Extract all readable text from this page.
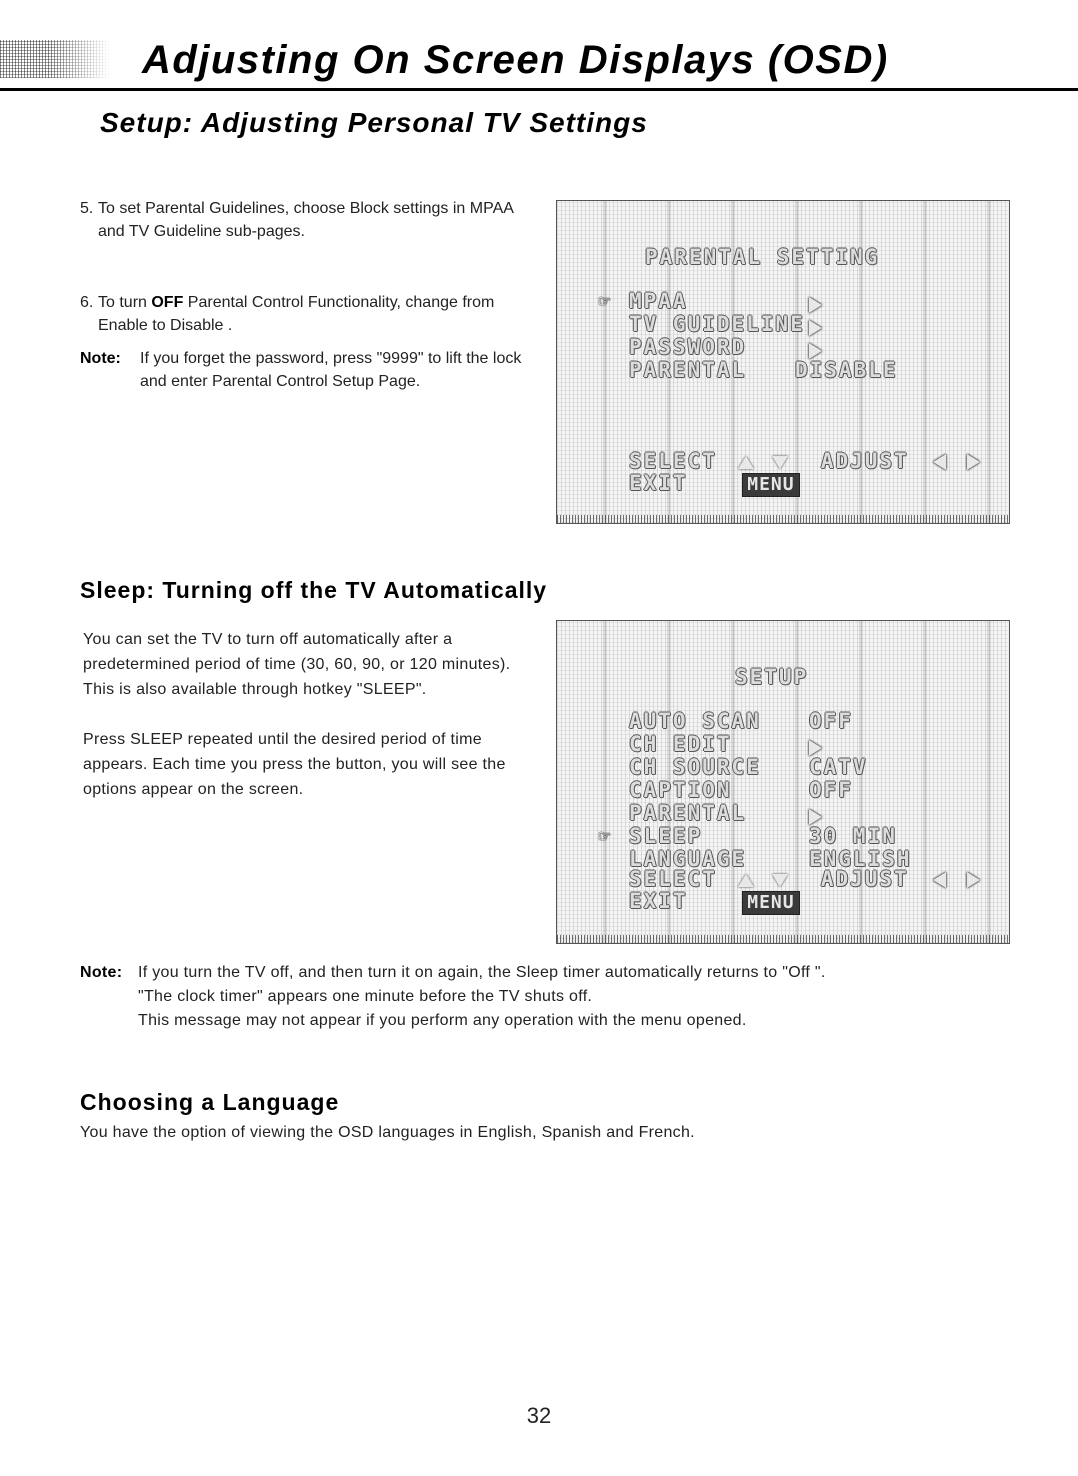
Adjusting On Screen Displays (OSD)
Setup: Adjusting Personal TV Settings
5. To set Parental Guidelines, choose Block settings in MPAA and TV Guideline sub-pages.
6. To turn OFF Parental Control Functionality, change from Enable to Disable .
Note:	If you forget the password, press "9999" to lift the lock and enter Parental Control Setup Page.
PARENTAL SETTING
☞ MPAA
TV GUIDELINE
PASSWORD
PARENTAL DISABLE
SELECT	ADJUST
EXIT	MENU
Sleep: Turning off the TV Automatically

You can set the TV to turn off automatically after a predetermined period of time (30, 60, 90, or 120 minutes). This is also available through hotkey "SLEEP".

Press SLEEP repeated until the desired period of time appears. Each time you press the button, you will see the options appear on the screen.

SETUP
AUTO SCAN OFF
CH EDIT
CH SOURCE CATV
CAPTION	OFF
PARENTAL
☞ SLEEP	30 MIN
LANGUAGE	ENGLISH
SELECT	ADJUST
EXIT	MENU
Note: If you turn the TV off, and then turn it on again, the Sleep timer automatically returns to "Off ".

"The clock timer" appears one minute before the TV shuts off.

This message may not appear if you perform any operation with the menu opened.

Choosing a Language

You have the option of viewing the OSD languages in English, Spanish and French.

32
